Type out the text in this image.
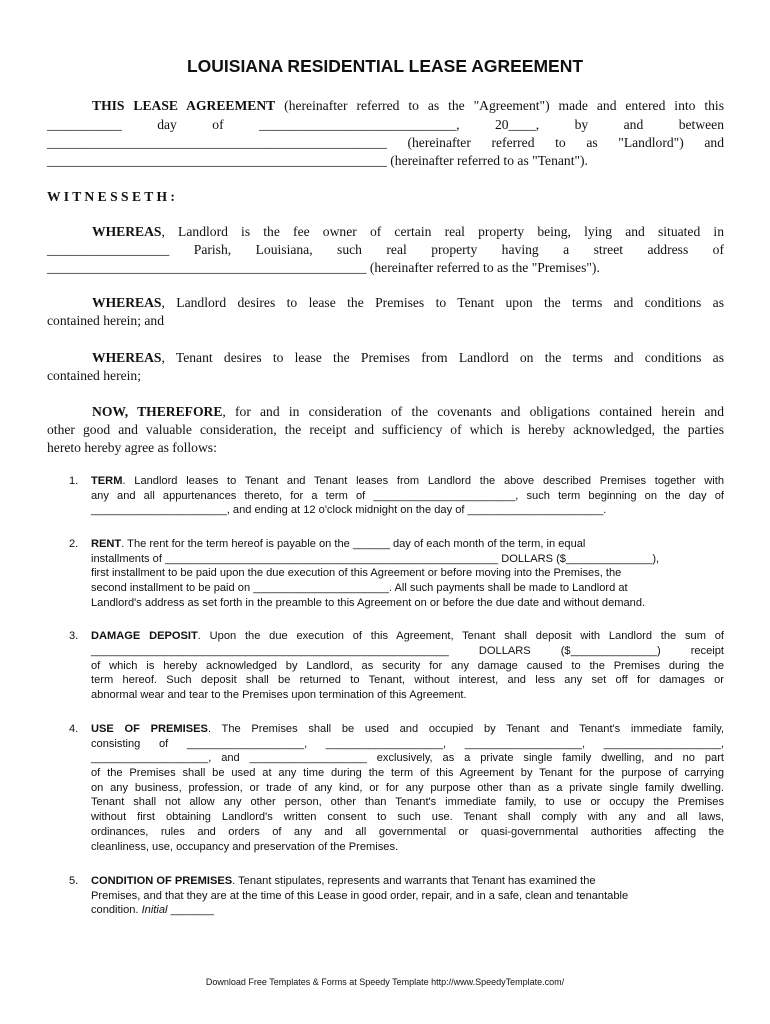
LOUISIANA RESIDENTIAL LEASE AGREEMENT
THIS LEASE AGREEMENT (hereinafter referred to as the "Agreement") made and entered into this
___________ day of _____________________________, 20____, by and between
__________________________________________________ (hereinafter referred to as "Landlord") and
__________________________________________________ (hereinafter referred to as "Tenant").
W I T N E S S E T H :
WHEREAS, Landlord is the fee owner of certain real property being, lying and situated in
__________________ Parish, Louisiana, such real property having a street address of
_______________________________________________ (hereinafter referred to as the "Premises").
WHEREAS, Landlord desires to lease the Premises to Tenant upon the terms and conditions as
contained herein; and
WHEREAS, Tenant desires to lease the Premises from Landlord on the terms and conditions as
contained herein;
NOW, THEREFORE, for and in consideration of the covenants and obligations contained herein and
other good and valuable consideration, the receipt and sufficiency of which is hereby acknowledged, the parties
hereto hereby agree as follows:
1. TERM. Landlord leases to Tenant and Tenant leases from Landlord the above described Premises together with
any and all appurtenances thereto, for a term of _______________________, such term beginning on the day of
______________________, and ending at 12 o'clock midnight on the day of ______________________.
2. RENT. The rent for the term hereof is payable on the ______ day of each month of the term, in equal
installments of ______________________________________________________ DOLLARS ($______________),
first installment to be paid upon the due execution of this Agreement or before moving into the Premises, the
second installment to be paid on ______________________. All such payments shall be made to Landlord at
Landlord's address as set forth in the preamble to this Agreement on or before the due date and without demand.
3. DAMAGE DEPOSIT. Upon the due execution of this Agreement, Tenant shall deposit with Landlord the sum of
__________________________________________________________ DOLLARS ($______________) receipt
of which is hereby acknowledged by Landlord, as security for any damage caused to the Premises during the
term hereof. Such deposit shall be returned to Tenant, without interest, and less any set off for damages or
abnormal wear and tear to the Premises upon termination of this Agreement.
4. USE OF PREMISES. The Premises shall be used and occupied by Tenant and Tenant's immediate family,
consisting of ___________________, ___________________, ___________________, ___________________,
___________________, and ___________________ exclusively, as a private single family dwelling, and no part
of the Premises shall be used at any time during the term of this Agreement by Tenant for the purpose of carrying
on any business, profession, or trade of any kind, or for any purpose other than as a private single family dwelling.
Tenant shall not allow any other person, other than Tenant's immediate family, to use or occupy the Premises
without first obtaining Landlord's written consent to such use. Tenant shall comply with any and all laws,
ordinances, rules and orders of any and all governmental or quasi-governmental authorities affecting the
cleanliness, use, occupancy and preservation of the Premises.
5. CONDITION OF PREMISES. Tenant stipulates, represents and warrants that Tenant has examined the
Premises, and that they are at the time of this Lease in good order, repair, and in a safe, clean and tenantable
condition. Initial _______
Download Free Templates & Forms at Speedy Template http://www.SpeedyTemplate.com/
